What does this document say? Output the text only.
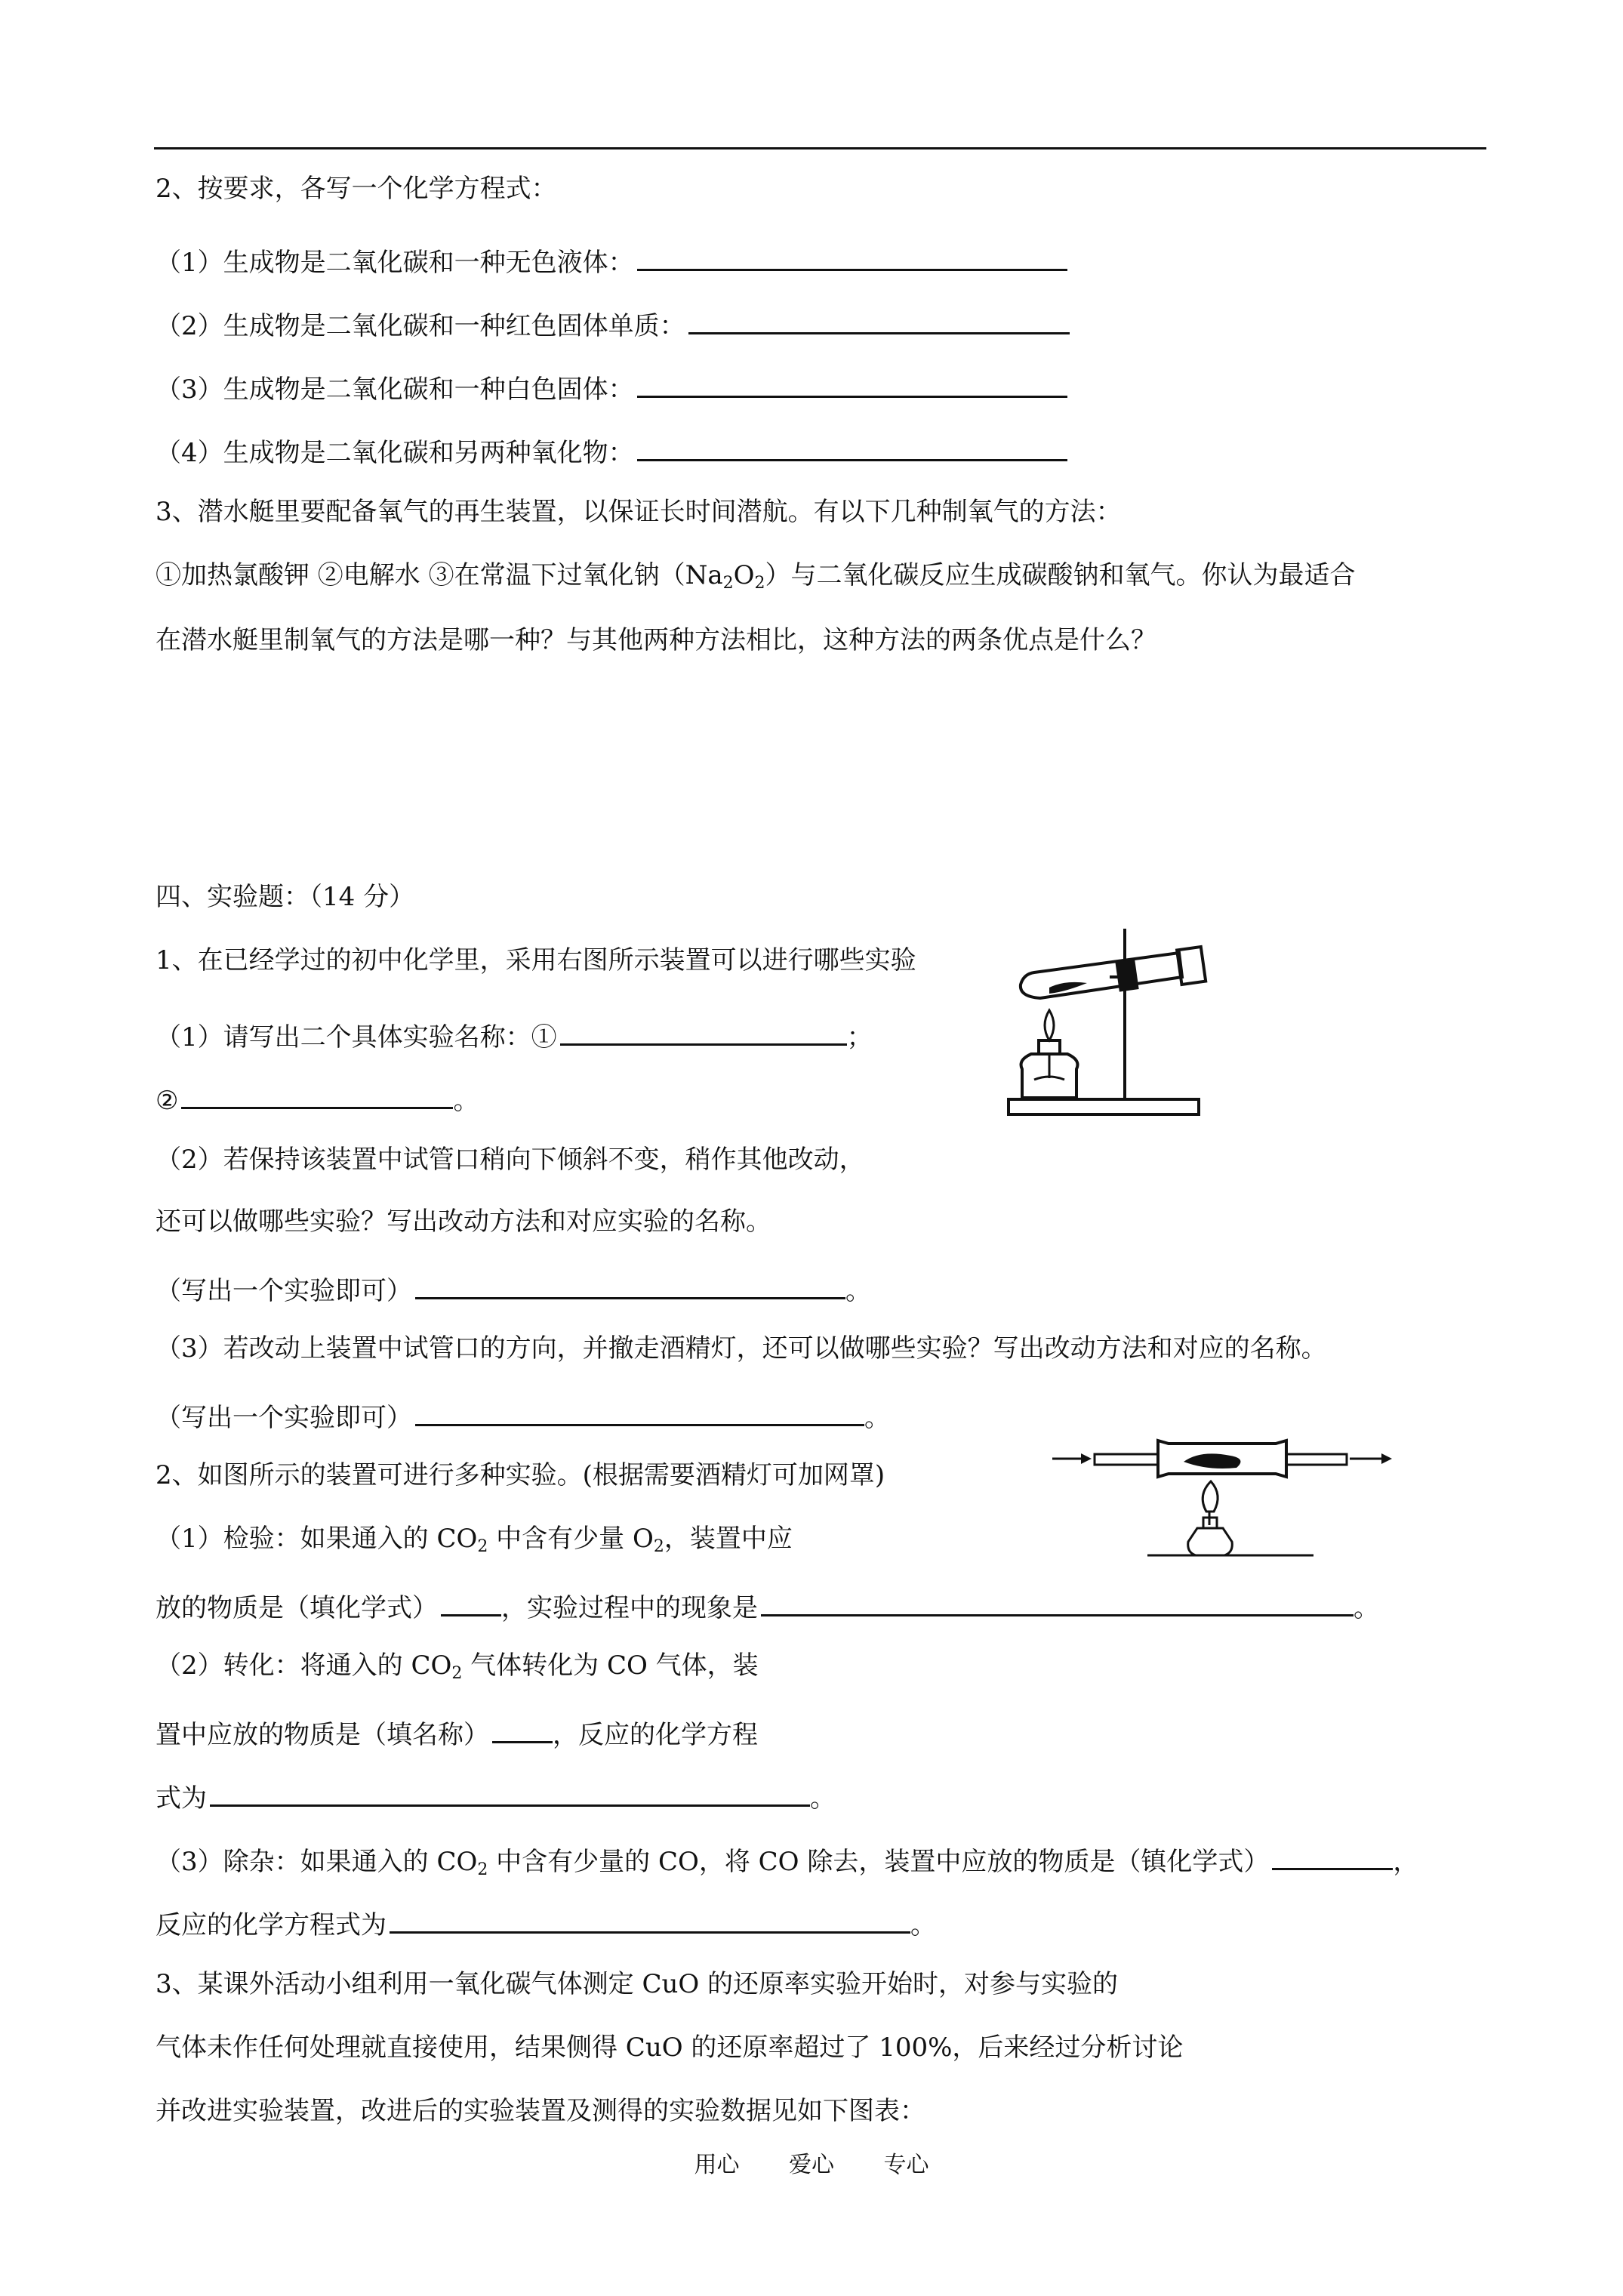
2、按要求，各写一个化学方程式：
（1）生成物是二氧化碳和一种无色液体：
（2）生成物是二氧化碳和一种红色固体单质：
（3）生成物是二氧化碳和一种白色固体：
（4）生成物是二氧化碳和另两种氧化物：
3、潜水艇里要配备氧气的再生装置，以保证长时间潜航。有以下几种制氧气的方法：
①加热氯酸钾 ②电解水 ③在常温下过氧化钠$(Na_2O_2)$与二氧化碳反应生成碳酸钠和氧气。你认为最适合
在潜水艇里制氧气的方法是哪一种？与其他两种方法相比，这种方法的两条优点是什么？
四、实验题：（14 分）
1、在已经学过的初中化学里，采用右图所示装置可以进行哪些实验
（1）请写出二个具体实验名称：①	；
②	。
（2）若保持该装置中试管口稍向下倾斜不变，稍作其他改动，
还可以做哪些实验？写出改动方法和对应实验的名称。
（写出一个实验即可）	。
（3）若改动上装置中试管口的方向，并撤走酒精灯，还可以做哪些实验？写出改动方法和对应的名称。
（写出一个实验即可）	。
2、如图所示的装置可进行多种实验。(根据需要酒精灯可加网罩)
（1）检验：如果通入的 $CO_2$ 中含有少量 $O_2$，装置中应
放的物质是（填化学式） ，实验过程中的现象是	。
（2）转化：将通入的 $CO_2$ 气体转化为 CO 气体，装
置中应放的物质是（填名称） ，反应的化学方程
式为	。
（3）除杂：如果通入的 $CO_2$ 中含有少量的 CO，将 CO 除去，装置中应放的物质是（镇化学式）	，
反应的化学方程式为	。
3、某课外活动小组利用一氧化碳气体测定 CuO 的还原率实验开始时，对参与实验的
气体未作任何处理就直接使用，结果侧得 CuO 的还原率超过了 100%，后来经过分析讨论
并改进实验装置，改进后的实验装置及测得的实验数据见如下图表：
用心 爱心 专心
